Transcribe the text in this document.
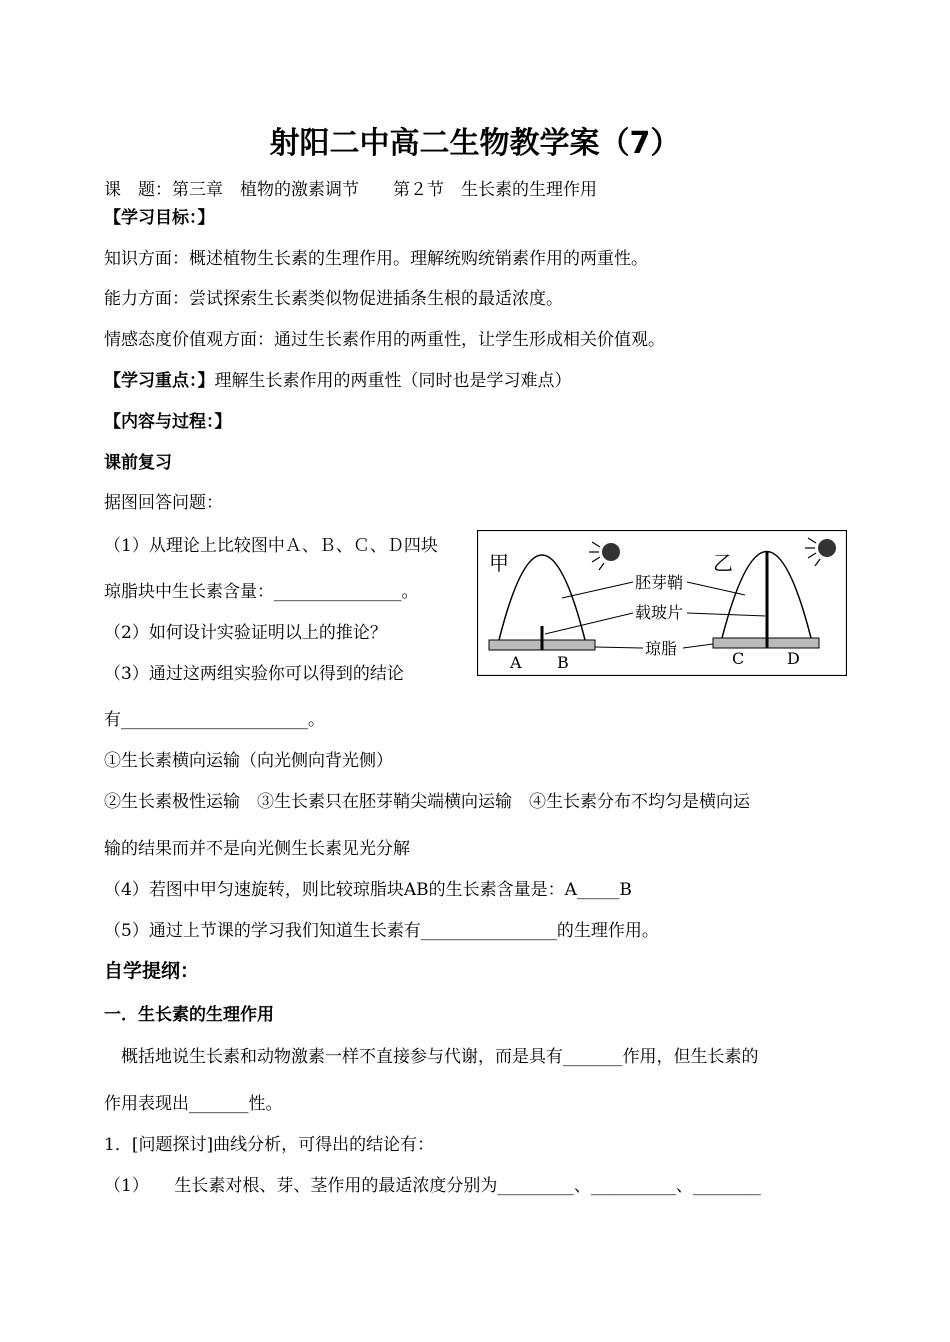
射阳二中高二生物教学案（7）
课　题：第三章　植物的激素调节　　第２节　生长素的生理作用
【学习目标：】
知识方面：概述植物生长素的生理作用。理解统购统销素作用的两重性。
能力方面：尝试探索生长素类似物促进插条生根的最适浓度。
情感态度价值观方面：通过生长素作用的两重性，让学生形成相关价值观。
【学习重点：】理解生长素作用的两重性（同时也是学习难点）
【内容与过程：】
课前复习
据图回答问题：
（1）从理论上比较图中Ａ、Ｂ、Ｃ、Ｄ四块
琼脂块中生长素含量：_______________。
（2）如何设计实验证明以上的推论？
（3）通过这两组实验你可以得到的结论
有______________________。
①生长素横向运输（向光侧向背光侧）
②生长素极性运输　③生长素只在胚芽鞘尖端横向运输　④生长素分布不均匀是横向运
输的结果而并不是向光侧生长素见光分解
（4）若图中甲匀速旋转，则比较琼脂块AB的生长素含量是：A_____B
（5）通过上节课的学习我们知道生长素有________________的生理作用。
自学提纲：
一．生长素的生理作用
　概括地说生长素和动物激素一样不直接参与代谢，而是具有_______作用，但生长素的
作用表现出_______性。
1．[问题探讨]曲线分析，可得出的结论有：
（1）　　生长素对根、芽、茎作用的最适浓度分别为_________、__________、________
甲
A B
乙
C	D
胚芽鞘
载玻片
琼脂
